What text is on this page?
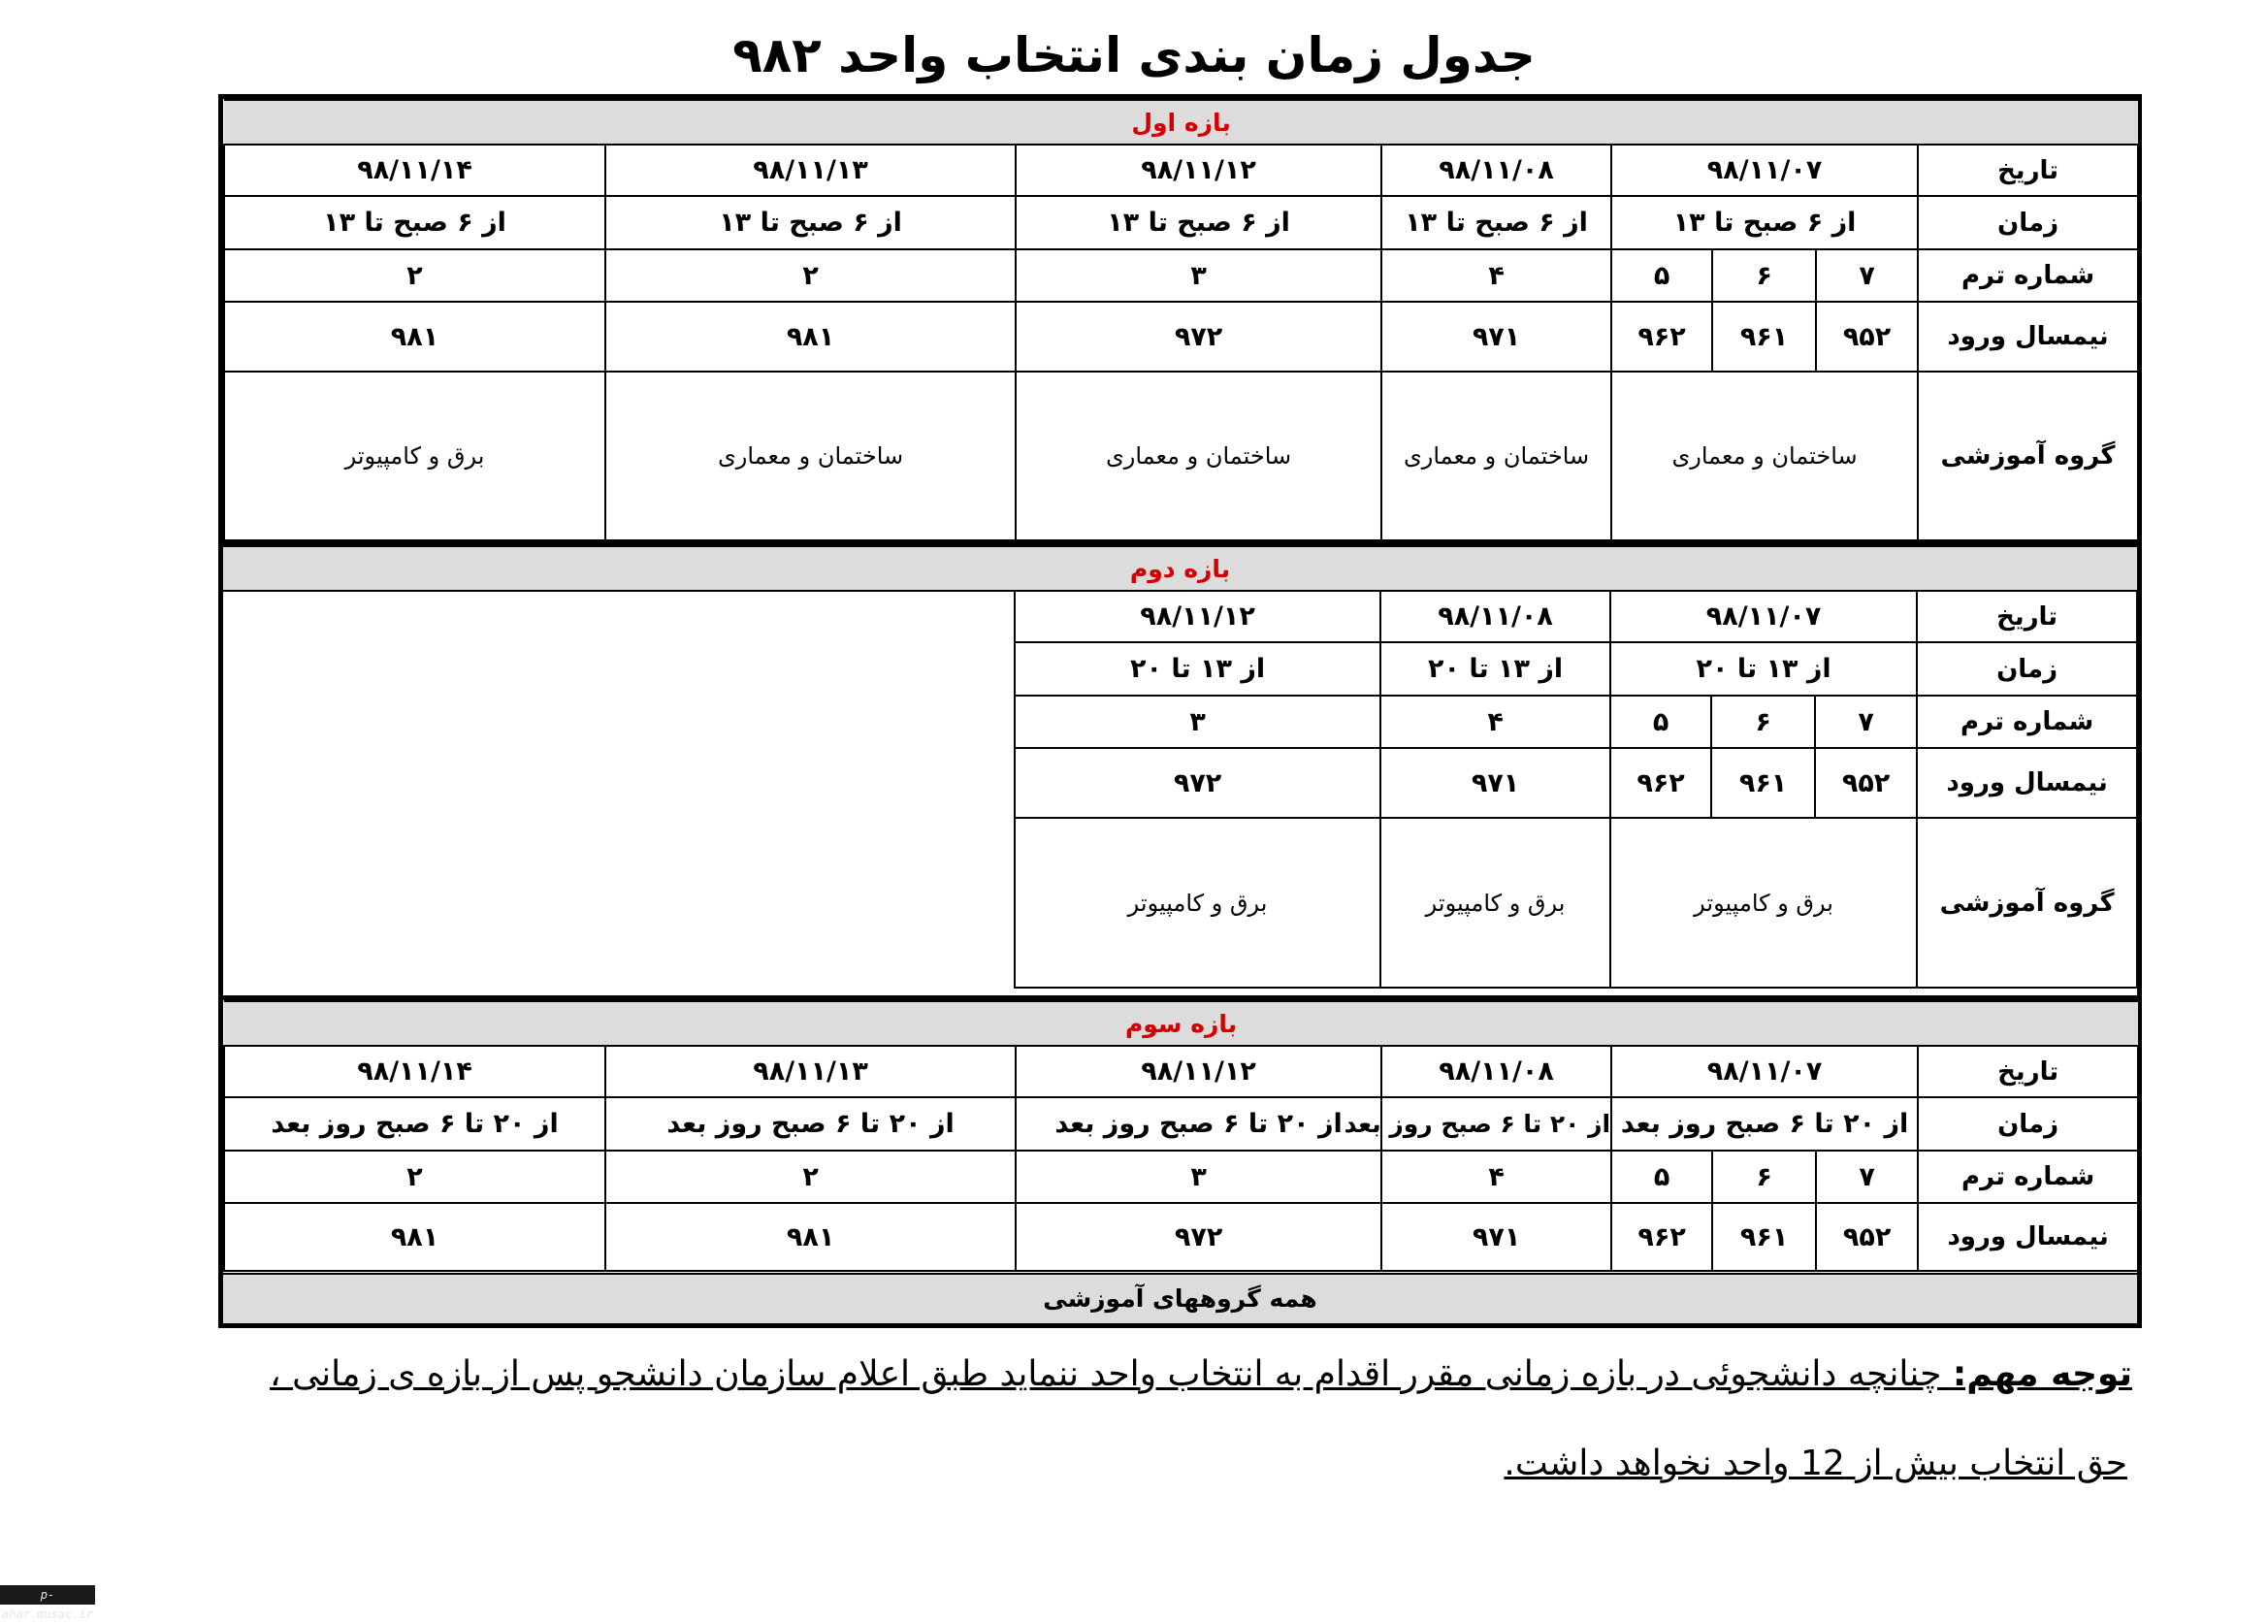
جدول زمان بندی انتخاب واحد ۹۸۲
بازه اول							
تاریخ	۹۸/۱۱/۰۷			۹۸/۱۱/۰۸	۹۸/۱۱/۱۲	۹۸/۱۱/۱۳	۹۸/۱۱/۱۴
زمان	از ۶ صبح تا ۱۳			از ۶ صبح تا ۱۳	از ۶ صبح تا ۱۳	از ۶ صبح تا ۱۳	از ۶ صبح تا ۱۳
شماره ترم	۷	۶	۵	۴	۳	۲	۲
نیمسال ورود	۹۵۲	۹۶۱	۹۶۲	۹۷۱	۹۷۲	۹۸۱	۹۸۱
گروه آموزشی	ساختمان و معماری			ساختمان و معماری	ساختمان و معماری	ساختمان و معماری	برق و کامپیوتر
بازه دوم						
تاریخ	۹۸/۱۱/۰۷			۹۸/۱۱/۰۸	۹۸/۱۱/۱۲	
زمان	از ۱۳ تا ۲۰			از ۱۳ تا ۲۰	از ۱۳ تا ۲۰	
شماره ترم	۷	۶	۵	۴	۳	
نیمسال ورود	۹۵۲	۹۶۱	۹۶۲	۹۷۱	۹۷۲	
گروه آموزشی	برق و کامپیوتر			برق و کامپیوتر	برق و کامپیوتر	
بازه سوم							
تاریخ	۹۸/۱۱/۰۷			۹۸/۱۱/۰۸	۹۸/۱۱/۱۲	۹۸/۱۱/۱۳	۹۸/۱۱/۱۴
زمان	از ۲۰ تا ۶ صبح روز بعد			از ۲۰ تا ۶ صبح روز بعد	از ۲۰ تا ۶ صبح روز بعد	از ۲۰ تا ۶ صبح روز بعد	از ۲۰ تا ۶ صبح روز بعد
شماره ترم	۷	۶	۵	۴	۳	۲	۲
نیمسال ورود	۹۵۲	۹۶۱	۹۶۲	۹۷۱	۹۷۲	۹۸۱	۹۸۱
همه گروههای آموزشی
توجه مهم: چنانچه دانشجوئی در بازه زمانی مقرر اقدام به انتخاب واحد ننماید طبق اعلام سازمان دانشجو پس از بازه ی زمانی ،
حق انتخاب بیش از 12 واحد نخواهد داشت.
p-ahar.musac.ir
